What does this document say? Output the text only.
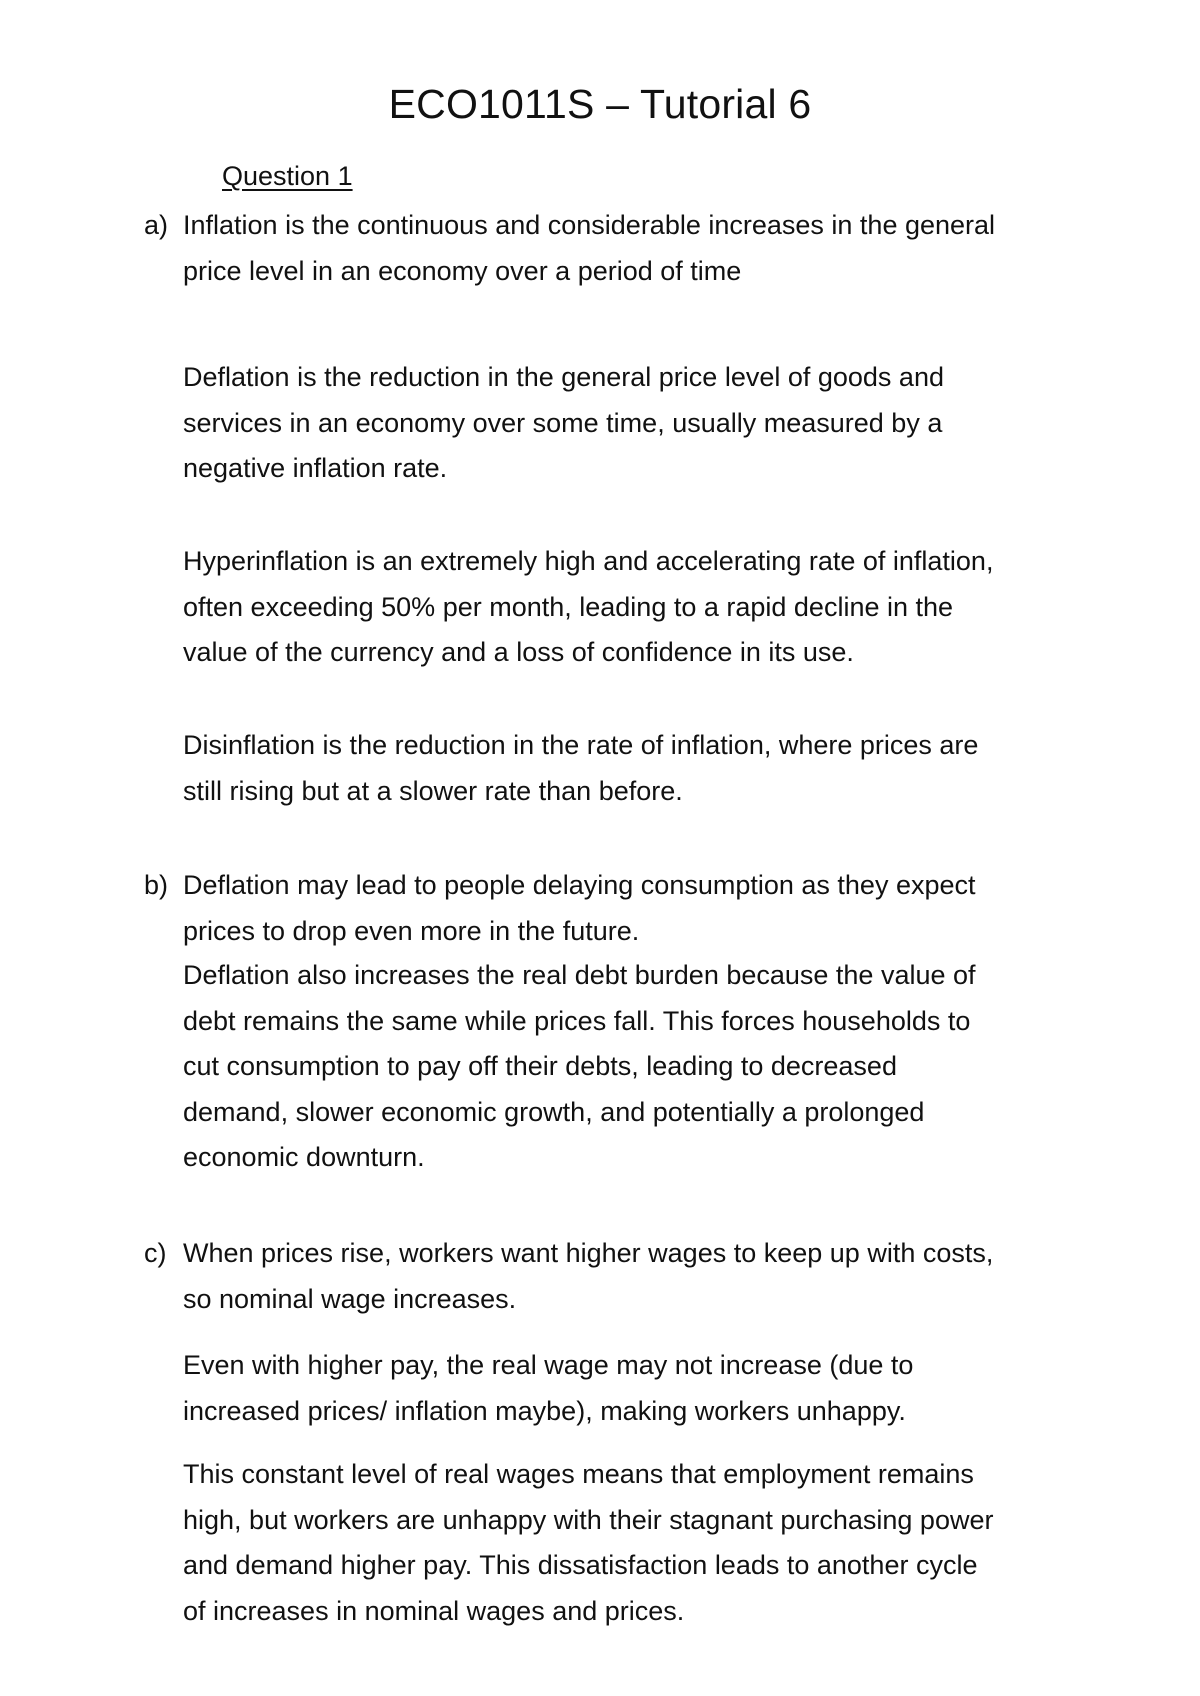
ECO1011S – Tutorial 6
Question 1
a) Inflation is the continuous and considerable increases in the general
price level in an economy over a period of time

Deflation is the reduction in the general price level of goods and
services in an economy over some time, usually measured by a
negative inflation rate.

Hyperinflation is an extremely high and accelerating rate of inflation,
often exceeding 50% per month, leading to a rapid decline in the
value of the currency and a loss of confidence in its use.

Disinflation is the reduction in the rate of inflation, where prices are
still rising but at a slower rate than before.

b) Deflation may lead to people delaying consumption as they expect
prices to drop even more in the future.

Deflation also increases the real debt burden because the value of
debt remains the same while prices fall. This forces households to
cut consumption to pay off their debts, leading to decreased
demand, slower economic growth, and potentially a prolonged
economic downturn.

c) When prices rise, workers want higher wages to keep up with costs,
so nominal wage increases.

Even with higher pay, the real wage may not increase (due to
increased prices/ inflation maybe), making workers unhappy.

This constant level of real wages means that employment remains
high, but workers are unhappy with their stagnant purchasing power
and demand higher pay. This dissatisfaction leads to another cycle
of increases in nominal wages and prices.
